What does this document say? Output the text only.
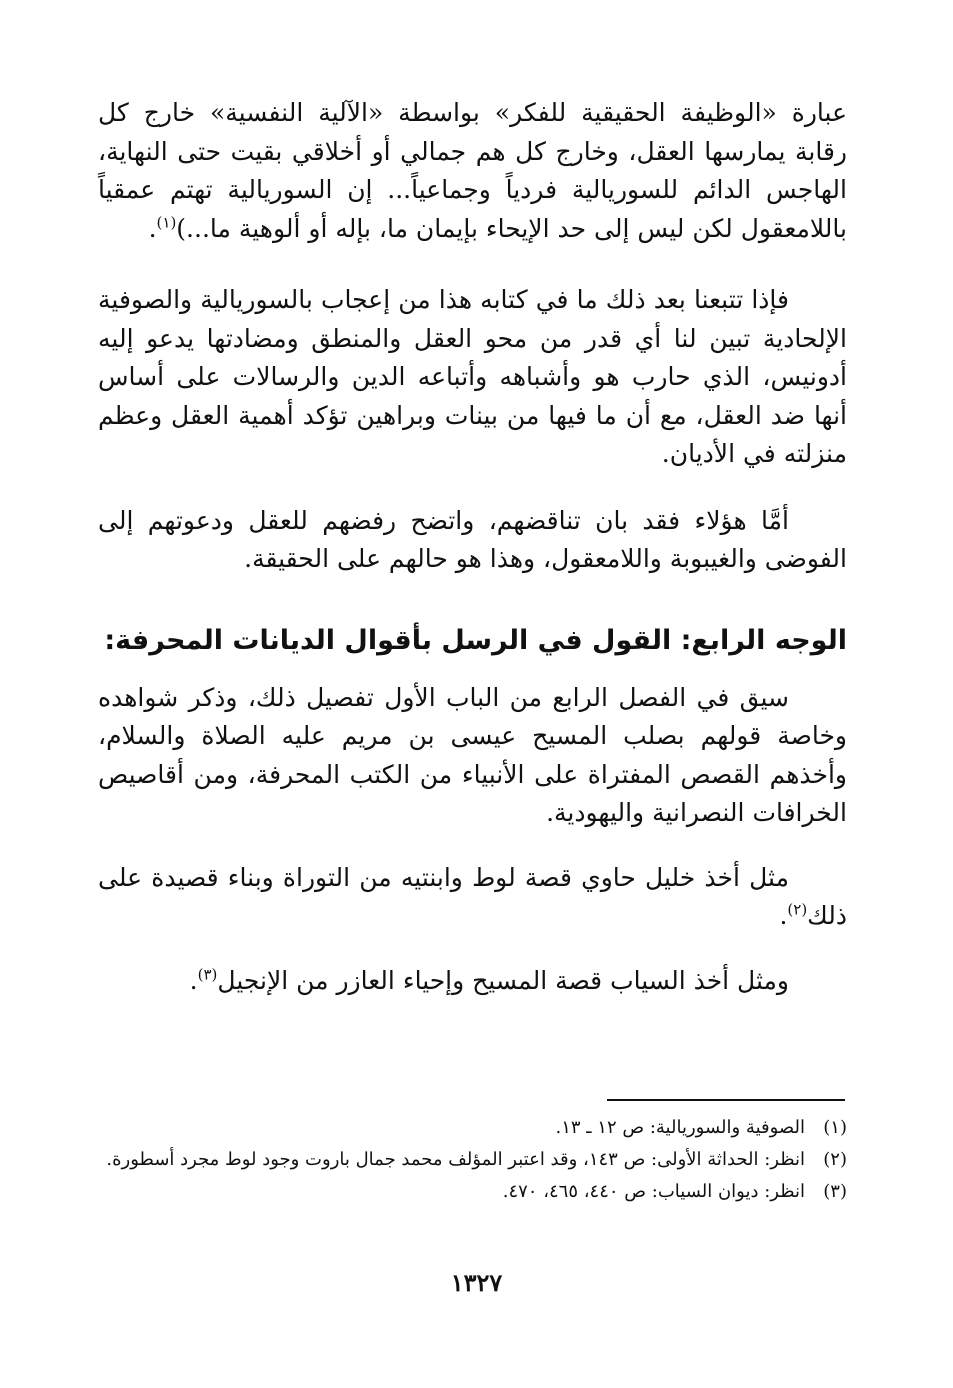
عبارة «الوظيفة الحقيقية للفكر» بواسطة «الآلية النفسية» خارج كل رقابة يمارسها العقل، وخارج كل هم جمالي أو أخلاقي بقيت حتى النهاية، الهاجس الدائم للسوريالية فردياً وجماعياً... إن السوريالية تهتم عمقياً باللامعقول لكن ليس إلى حد الإيحاء بإيمان ما، بإله أو ألوهية ما...)$^{(١)}$.

فإذا تتبعنا بعد ذلك ما في كتابه هذا من إعجاب بالسوريالية والصوفية الإلحادية تبين لنا أي قدر من محو العقل والمنطق ومضادتها يدعو إليه أدونيس، الذي حارب هو وأشباهه وأتباعه الدين والرسالات على أساس أنها ضد العقل، مع أن ما فيها من بينات وبراهين تؤكد أهمية العقل وعظم منزلته في الأديان.

أمَّا هؤلاء فقد بان تناقضهم، واتضح رفضهم للعقل ودعوتهم إلى الفوضى والغيبوبة واللامعقول، وهذا هو حالهم على الحقيقة.

الوجه الرابع: القول في الرسل بأقوال الديانات المحرفة:

سيق في الفصل الرابع من الباب الأول تفصيل ذلك، وذكر شواهده وخاصة قولهم بصلب المسيح عيسى بن مريم عليه الصلاة والسلام، وأخذهم القصص المفتراة على الأنبياء من الكتب المحرفة، ومن أقاصيص الخرافات النصرانية واليهودية.

مثل أخذ خليل حاوي قصة لوط وابنتيه من التوراة وبناء قصيدة على ذلك$^{(٢)}$.

ومثل أخذ السياب قصة المسيح وإحياء العازر من الإنجيل$^{(٣)}$.

(١)
الصوفية والسوريالية: ص ١٢ ـ ١٣.
(٢)
انظر: الحداثة الأولى: ص ١٤٣، وقد اعتبر المؤلف محمد جمال باروت وجود لوط مجرد أسطورة.
(٣)
انظر: ديوان السياب: ص ٤٤٠، ٤٦٥، ٤٧٠.
١٣٢٧
